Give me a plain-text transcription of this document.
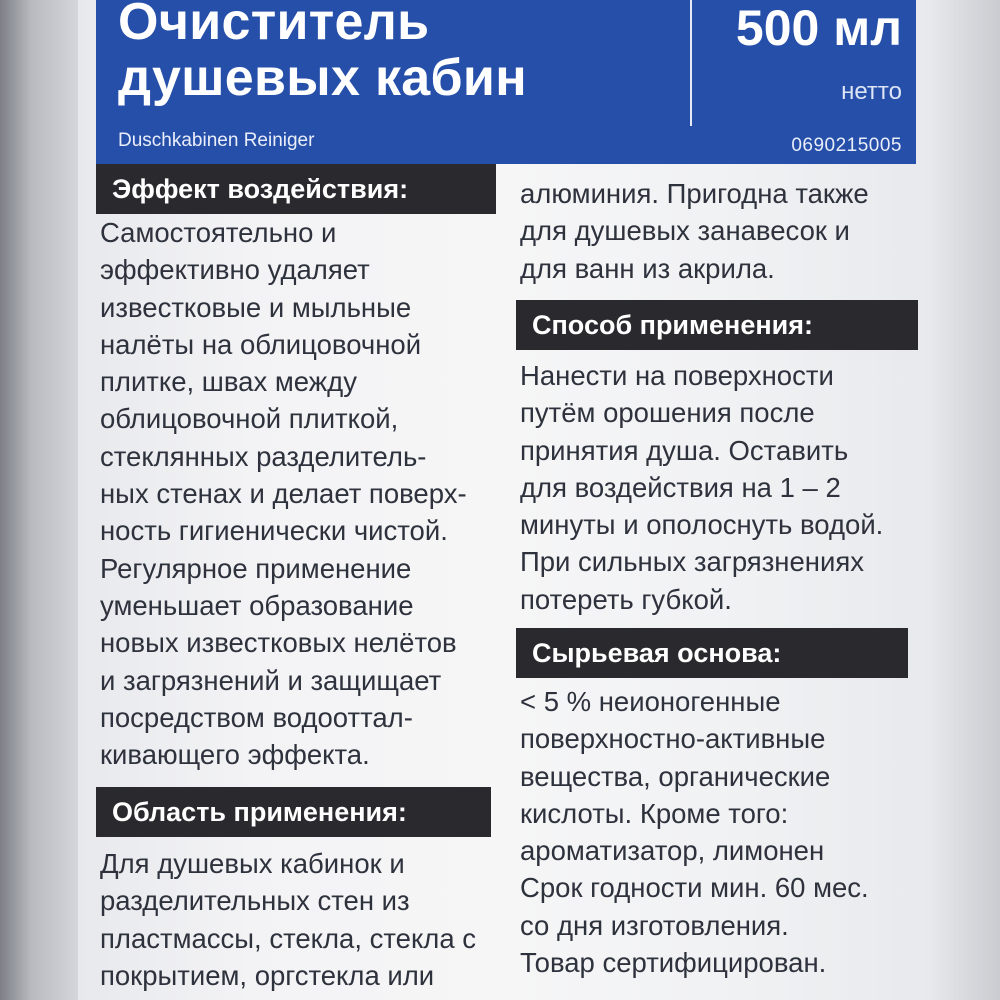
Очиститель
душевых кабин
500 мл
нетто
Duschkabinen Reiniger	0690215005
Эффект воздействия:

Самостоятельно и
эффективно удаляет
известковые и мыльные
налёты на облицовочной
плитке, швах между
облицовочной плиткой,
стеклянных разделитель-
ных стенах и делает поверх-
ность гигиенически чистой.
Регулярное применение
уменьшает образование
новых известковых нелётов
и загрязнений и защищает
посредством водооттал-
кивающего эффекта.

Область применения:

Для душевых кабинок и
разделительных стен из
пластмассы, стекла, стекла с
покрытием, оргстекла или

алюминия. Пригодна также
для душевых занавесок и
для ванн из акрила.

Способ применения:

Нанести на поверхности
путём орошения после
принятия душа. Оставить
для воздействия на 1 – 2
минуты и ополоснуть водой.
При сильных загрязнениях
потереть губкой.

Сырьевая основа:

< 5 % неионогенные
поверхностно-активные
вещества, органические
кислоты. Кроме того:
ароматизатор, лимонен
Срок годности мин. 60 мес.
со дня изготовления.
Товар сертифицирован.
